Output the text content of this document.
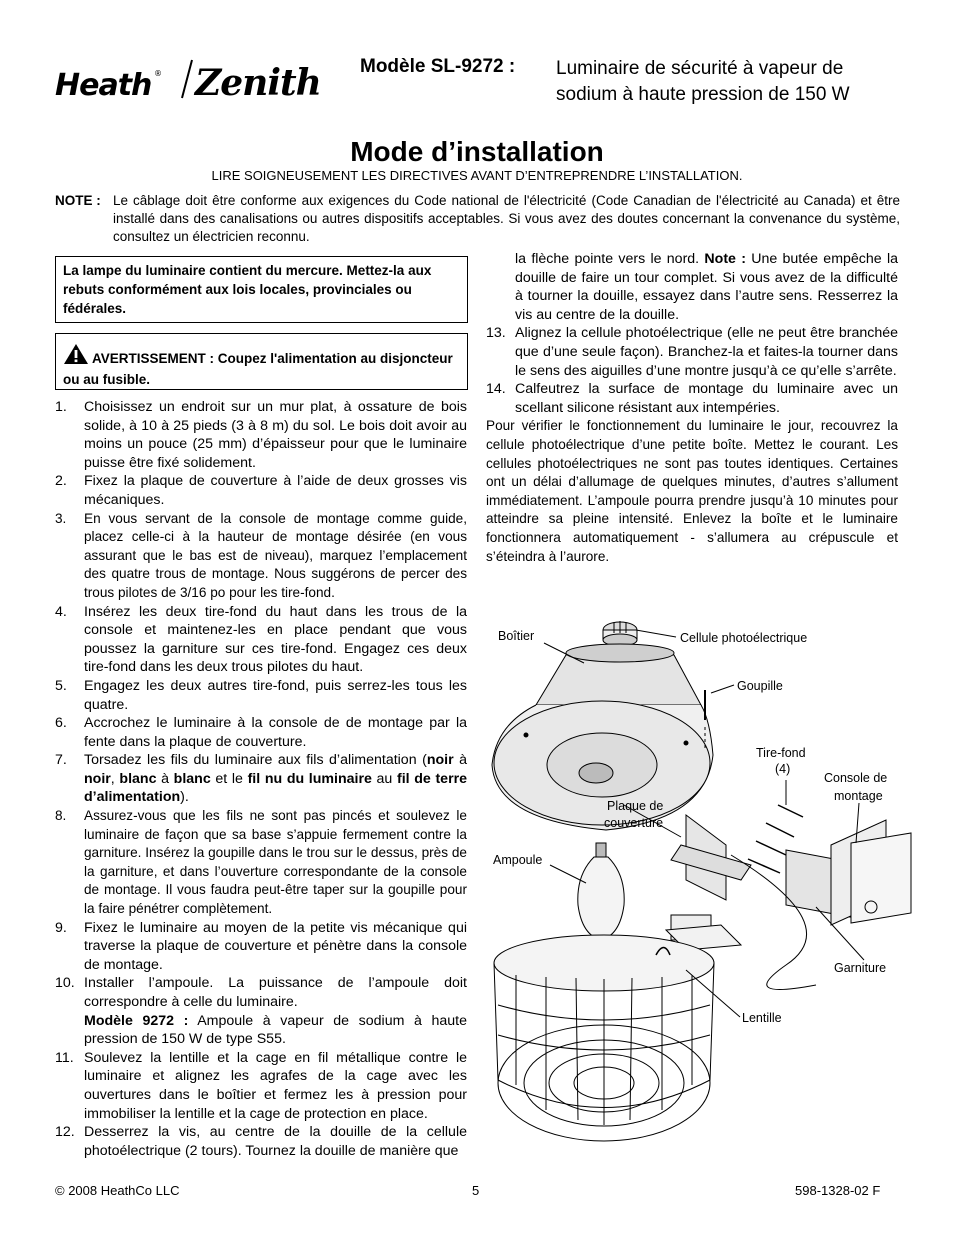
Heath ® Zenith Modèle SL-9272 : Luminaire de sécurité à vapeur de
sodium à haute pression de 150 W
Mode d’installation
LIRE SOIGNEUSEMENT LES DIRECTIVES AVANT D’ENTREPRENDRE L’INSTALLATION.
NOTE : Le câblage doit être conforme aux exigences du Code national de l'électricité (Code Canadian de l'électricité au Canada) et être installé dans des canalisations ou autres dispositifs acceptables. Si vous avez des doutes concernant la convenance du système, consultez un électricien reconnu.
La lampe du luminaire contient du mercure. Mettez-la aux rebuts conformément aux lois locales, provinciales ou fédérales.
AVERTISSEMENT : Coupez l'alimentation au disjoncteur ou au fusible.
1. Choisissez un endroit sur un mur plat, à ossature de bois solide, à 10 à 25 pieds (3 à 8 m) du sol. Le bois doit avoir au moins un pouce (25 mm) d’épaisseur pour que le luminaire puisse être fixé solidement.
2. Fixez la plaque de couverture à l’aide de deux grosses vis mécaniques.
3. En vous servant de la console de montage comme guide, placez celle-ci à la hauteur de montage désirée (en vous assurant que le bas est de niveau), marquez l’emplacement des quatre trous de montage. Nous suggérons de percer des trous pilotes de 3/16 po pour les tire-fond.
4. Insérez les deux tire-fond du haut dans les trous de la console et maintenez-les en place pendant que vous poussez la garniture sur ces tire-fond. Engagez ces deux tire-fond dans les deux trous pilotes du haut.
5. Engagez les deux autres tire-fond, puis serrez-les tous les quatre.
6. Accrochez le luminaire à la console de de montage par la fente dans la plaque de couverture.
7. Torsadez les fils du luminaire aux fils d’alimentation (noir à noir, blanc à blanc et le fil nu du luminaire au fil de terre d’alimentation).
8. Assurez-vous que les fils ne sont pas pincés et soulevez le luminaire de façon que sa base s’appuie fermement contre la garniture. Insérez la goupille dans le trou sur le dessus, près de la garniture, et dans l’ouverture correspondante de la console de montage. Il vous faudra peut-être taper sur la goupille pour la faire pénétrer complètement.
9. Fixez le luminaire au moyen de la petite vis mécanique qui traverse la plaque de couverture et pénètre dans la console de montage.
10. Installer l’ampoule. La puissance de l’ampoule doit correspondre à celle du luminaire.
Modèle 9272 : Ampoule à vapeur de sodium à haute pression de 150 W de type S55.
11. Soulevez la lentille et la cage en fil métallique contre le luminaire et alignez les agrafes de la cage avec les ouvertures dans le boîtier et fermez les à pression pour immobiliser la lentille et la cage de protection en place.
12. Desserrez la vis, au centre de la douille de la cellule photoélectrique (2 tours). Tournez la douille de manière que
la flèche pointe vers le nord. Note : Une butée empêche la douille de faire un tour complet. Si vous avez de la difficulté à tourner la douille, essayez dans l’autre sens. Resserrez la vis au centre de la douille.
13. Alignez la cellule photoélectrique (elle ne peut être branchée que d’une seule façon). Branchez-la et faites-la tourner dans le sens des aiguilles d’une montre jusqu’à ce qu’elle s’arrête.
14. Calfeutrez la surface de montage du luminaire avec un scellant silicone résistant aux intempéries.
Pour vérifier le fonctionnement du luminaire le jour, recouvrez la cellule photoélectrique d’une petite boîte. Mettez le courant. Les cellules photoélectriques ne sont pas toutes identiques. Certaines ont un délai d’allumage de quelques minutes, d’autres s’allument immédiatement. L’ampoule pourra prendre jusqu’à 10 minutes pour atteindre sa pleine intensité. Enlevez la boîte et le luminaire fonctionnera automatiquement - s’allumera au crépuscule et s’éteindra à l’aurore.
Boîtier	Cellule photoélectrique
Goupille
Tire-fond
(4)
Console de
montage
Plaque de
couverture
Ampoule
Garniture
Lentille
© 2008 HeathCo LLC	5	598-1328-02 F
